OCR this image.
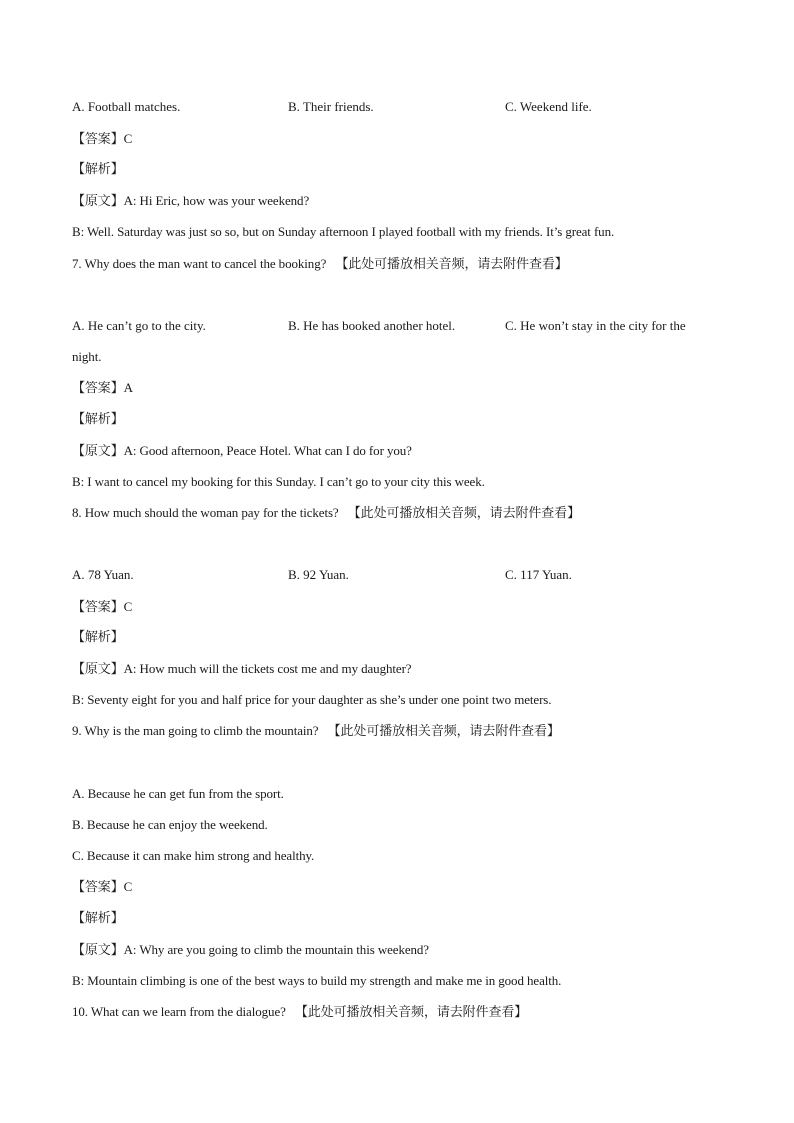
A. Football matches.	B. Their friends.	C. Weekend life.
【答案】C
【解析】
【原文】A: Hi Eric, how was your weekend?
B: Well. Saturday was just so so, but on Sunday afternoon I played football with my friends. It’s great fun.
7. Why does the man want to cancel the booking? 【此处可播放相关音频，请去附件查看】
A. He can’t go to the city.	B. He has booked another hotel.	C. He won’t stay in the city for the
night.
【答案】A
【解析】
【原文】A: Good afternoon, Peace Hotel. What can I do for you?
B: I want to cancel my booking for this Sunday. I can’t go to your city this week.
8. How much should the woman pay for the tickets? 【此处可播放相关音频，请去附件查看】
A. 78 Yuan.	B. 92 Yuan.	C. 117 Yuan.
【答案】C
【解析】
【原文】A: How much will the tickets cost me and my daughter?
B: Seventy eight for you and half price for your daughter as she’s under one point two meters.
9. Why is the man going to climb the mountain? 【此处可播放相关音频，请去附件查看】
A. Because he can get fun from the sport.
B. Because he can enjoy the weekend.
C. Because it can make him strong and healthy.
【答案】C
【解析】
【原文】A: Why are you going to climb the mountain this weekend?
B: Mountain climbing is one of the best ways to build my strength and make me in good health.
10. What can we learn from the dialogue? 【此处可播放相关音频，请去附件查看】
